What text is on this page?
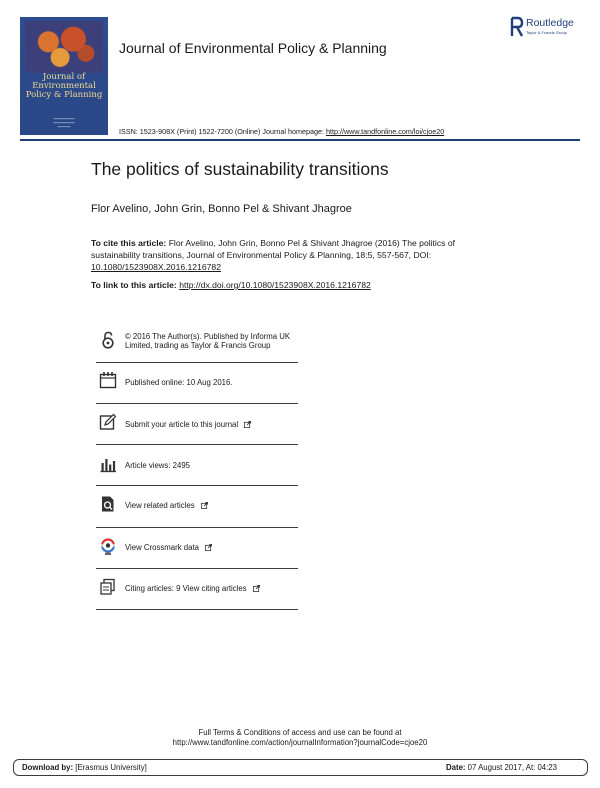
Journal of Environmental Policy & Planning
━━━━━━━━━━
━━━━━━━━━━
━━━━━━
Journal of Environmental Policy & Planning
Routledge
Taylor & Francis Group
ISSN: 1523-908X (Print) 1522-7200 (Online) Journal homepage: http://www.tandfonline.com/loi/cjoe20
The politics of sustainability transitions
Flor Avelino, John Grin, Bonno Pel & Shivant Jhagroe
To cite this article: Flor Avelino, John Grin, Bonno Pel & Shivant Jhagroe (2016) The politics of sustainability transitions, Journal of Environmental Policy & Planning, 18:5, 557-567, DOI: 10.1080/1523908X.2016.1216782
To link to this article: http://dx.doi.org/10.1080/1523908X.2016.1216782
© 2016 The Author(s). Published by Informa UK Limited, trading as Taylor & Francis Group
Published online: 10 Aug 2016.
Submit your article to this journal
Article views: 2495
View related articles
View Crossmark data
Citing articles: 9 View citing articles
Full Terms & Conditions of access and use can be found at
http://www.tandfonline.com/action/journalInformation?journalCode=cjoe20
Download by: [Erasmus University]	Date: 07 August 2017, At: 04:23
